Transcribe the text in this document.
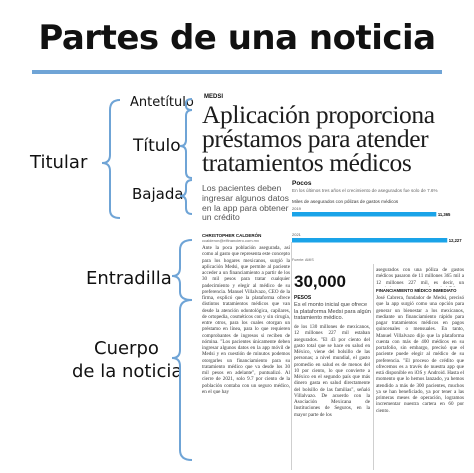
Partes de una noticia
Antetítulo
Título
Bajada
Titular
Entradilla
Cuerpo
de la noticia
MEDSI
Aplicación proporciona préstamos para atender tratamientos médicos
Los pacientes deben ingresar algunos datos en la app para obtener un crédito
CHRISTOPHER CALDERÓN
ccalderon@elfinanciero.com.mx
Pocos
En los últimos tres años el crecimiento de asegurados fue solo de 7.6%
Miles de asegurados con pólizas de gastos médicos
2019
11,365
2021
12,227
Fuente: AMIS
Ante la poca población asegurada, así como al gasto que representa este concepto para los hogares mexicanos, surgió la aplicación Medsi, que permite al paciente acceder a un financiamiento a partir de los 30 mil pesos para tratar cualquier padecimiento y elegir al médico de su preferencia. Manuel Villalvazo, CEO de la firma, explicó que la plataforma ofrece distintos tratamientos médicos que van desde la atención odontológica, capilares, de ortopedia, cosméticos con y sin cirugía, entre otros, para los cuales otorgan un préstamo en línea, para lo que requieren comprobantes de ingresos si reciben de nómina. "Los pacientes únicamente deben ingresar algunos datos en la app móvil de Medsi y en cuestión de minutos podemos otorgarles un financiamiento para su tratamiento médico que va desde los 30 mil pesos en adelante", puntualizó. Al cierre de 2021, solo 9.7 por ciento de la población contaba con un seguro médico, en el que hay
30,000
PESOS
Es el monto inicial que ofrece la plataforma Medsi para algún tratamiento médico.
de los 130 millones de mexicanos, 12 millones 227 mil estaban asegurados. "El 43 por ciento del gasto total que se hace en salud en México, viene del bolsillo de las personas; a nivel mundial, el gasto promedio en salud es de menos del 10 por ciento, lo que convierte a México en el segundo país que más dinero gasta en salud directamente del bolsillo de las familias", señaló Villalvazo. De acuerdo con la Asociación Mexicana de Instituciones de Seguros, en la mayor parte de los
asegurados con una póliza de gastos médicos pasaron de 11 millones 365 mil a 12 millones 227 mil, es decir, un
FINANCIAMIENTO MÉDICO INMEDIATO
José Cabrera, fundador de Medsi, precisó que la app surgió como una opción para generar un bienestar a los mexicanos, mediante un financiamiento rápido para pagar tratamientos médicos en pagos quincenales o mensuales. En tanto, Manuel Villalvazo dijo que la plataforma cuenta con más de 400 médicos en su portafolio, sin embargo, precisó que el paciente puede elegir al médico de su preferencia. "El proceso de crédito que ofrecemos es a través de nuestra app que está disponible en iOS y Android. Hasta el momento que lo hemos lanzado, ya hemos atendido a más de 300 pacientes, muchos ya se han beneficiado, ya por tener a las primeras meses de operación, logramos incrementar nuestra cartera en 60 por ciento.
